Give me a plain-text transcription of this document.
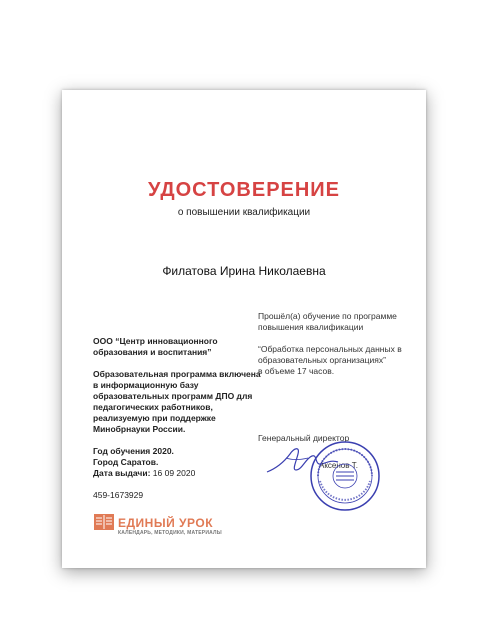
УДОСТОВЕРЕНИЕ
о повышении квалификации
Филатова Ирина Николаевна
ООО “Центр инновационного образования и воспитания”
Образовательная программа включена в информационную базу образовательных программ ДПО для педагогических работников, реализуемую при поддержке Минобрнауки России.
Год обучения 2020.
Город Саратов.
Дата выдачи: 16 09 2020
459-1673929
Прошёл(а) обучение по программе повышения квалификации
“Обработка персональных данных в образовательных организациях”
в объеме 17 часов.
Генеральный директор
Аксенов Т.
ЕДИНЫЙ УРОК
КАЛЕНДАРЬ, МЕТОДИКИ, МАТЕРИАЛЫ
